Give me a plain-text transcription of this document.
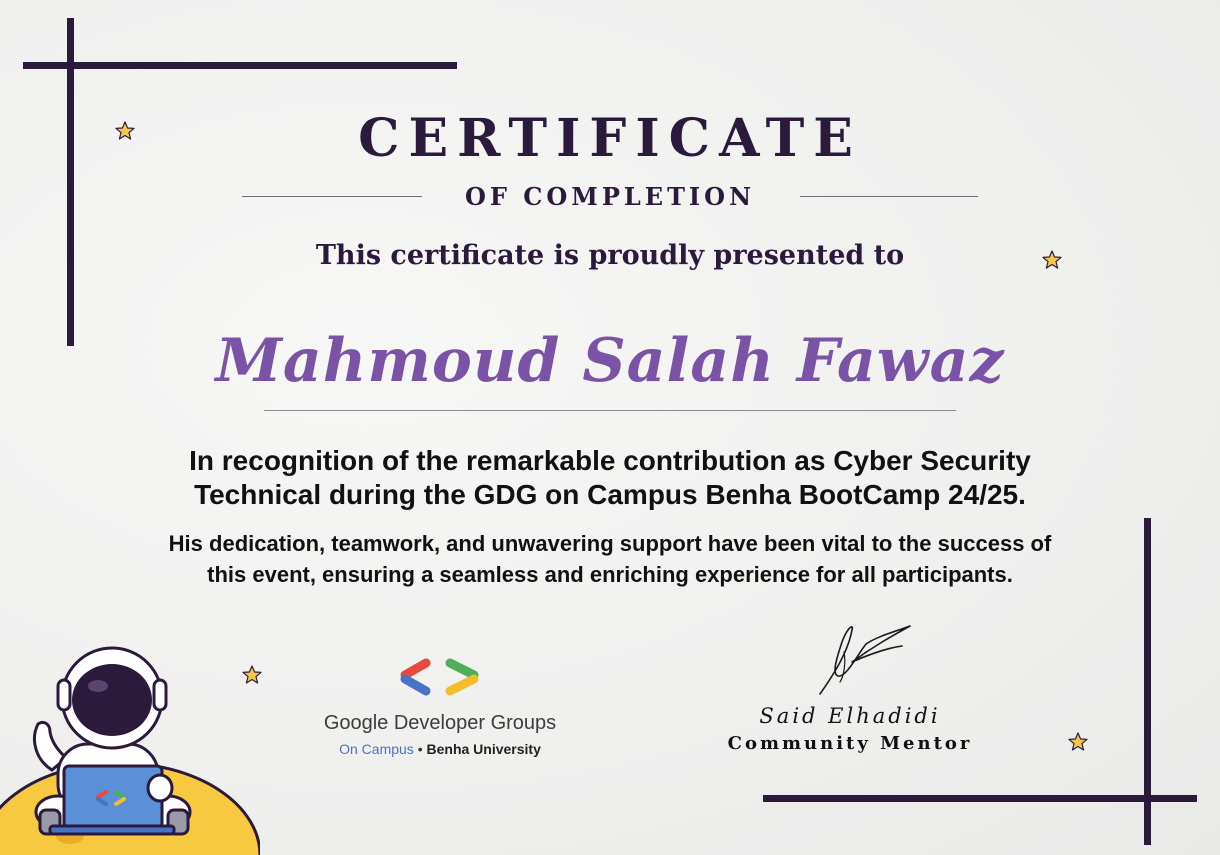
CERTIFICATE
OF COMPLETION

This certificate is proudly presented to

Mahmoud Salah Fawaz

In recognition of the remarkable contribution as Cyber Security
Technical during the GDG on Campus Benha BootCamp 24/25.
His dedication, teamwork, and unwavering support have been vital to the success of
this event, ensuring a seamless and enriching experience for all participants.
Google Developer Groups
On Campus • Benha University
Said Elhadidi
Community Mentor
